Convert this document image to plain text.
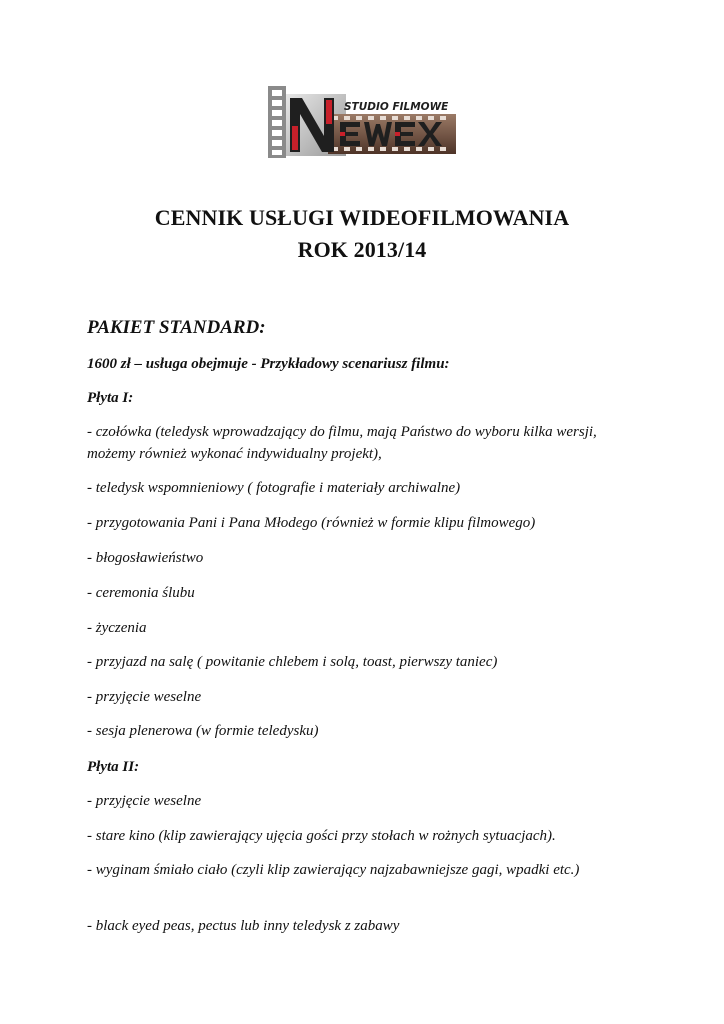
STUDIO FILMOWE
CENNIK USŁUGI WIDEOFILMOWANIA
ROK 2013/14
PAKIET STANDARD:
1600 zł – usługa obejmuje - Przykładowy scenariusz filmu:
Płyta I:
- czołówka (teledysk wprowadzający do filmu, mają Państwo do wyboru kilka wersji, możemy również wykonać indywidualny projekt),
- teledysk wspomnieniowy ( fotografie i materiały archiwalne)
- przygotowania Pani i Pana Młodego (również w formie klipu filmowego)
- błogosławieństwo
- ceremonia ślubu
- życzenia
- przyjazd na salę ( powitanie chlebem i solą, toast, pierwszy taniec)
- przyjęcie weselne
- sesja plenerowa (w formie teledysku)
Płyta II:
- przyjęcie weselne
- stare kino (klip zawierający ujęcia gości przy stołach w rożnych sytuacjach).
- wyginam śmiało ciało (czyli klip zawierający najzabawniejsze gagi, wpadki etc.)
- black eyed peas, pectus lub inny teledysk z zabawy
